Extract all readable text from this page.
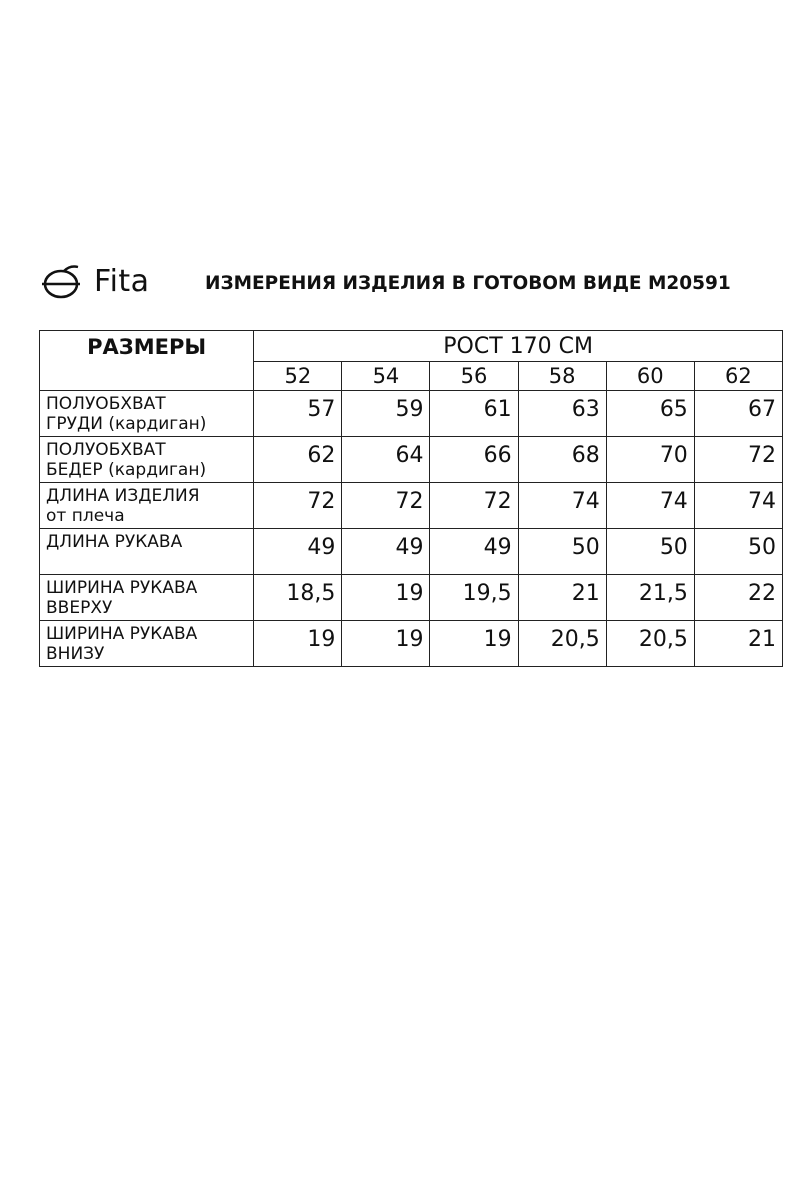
Fita	ИЗМЕРЕНИЯ ИЗДЕЛИЯ В ГОТОВОМ ВИДЕ М20591
РАЗМЕРЫ	РОСТ 170 СМ					
	52	54	56	58	60	62

ПОЛУОБХВАТ
ГРУДИ (кардиган)	57	59	61	63	65	67

ПОЛУОБХВАТ
БЕДЕР (кардиган)	62	64	66	68	70	72

ДЛИНА ИЗДЕЛИЯ
от плеча	72	72	72	74	74	74

ДЛИНА РУКАВА	49	49	49	50	50	50

ШИРИНА РУКАВА
ВВЕРХУ	18,5	19	19,5	21	21,5	22

ШИРИНА РУКАВА
ВНИЗУ	19	19	19	20,5	20,5	21
